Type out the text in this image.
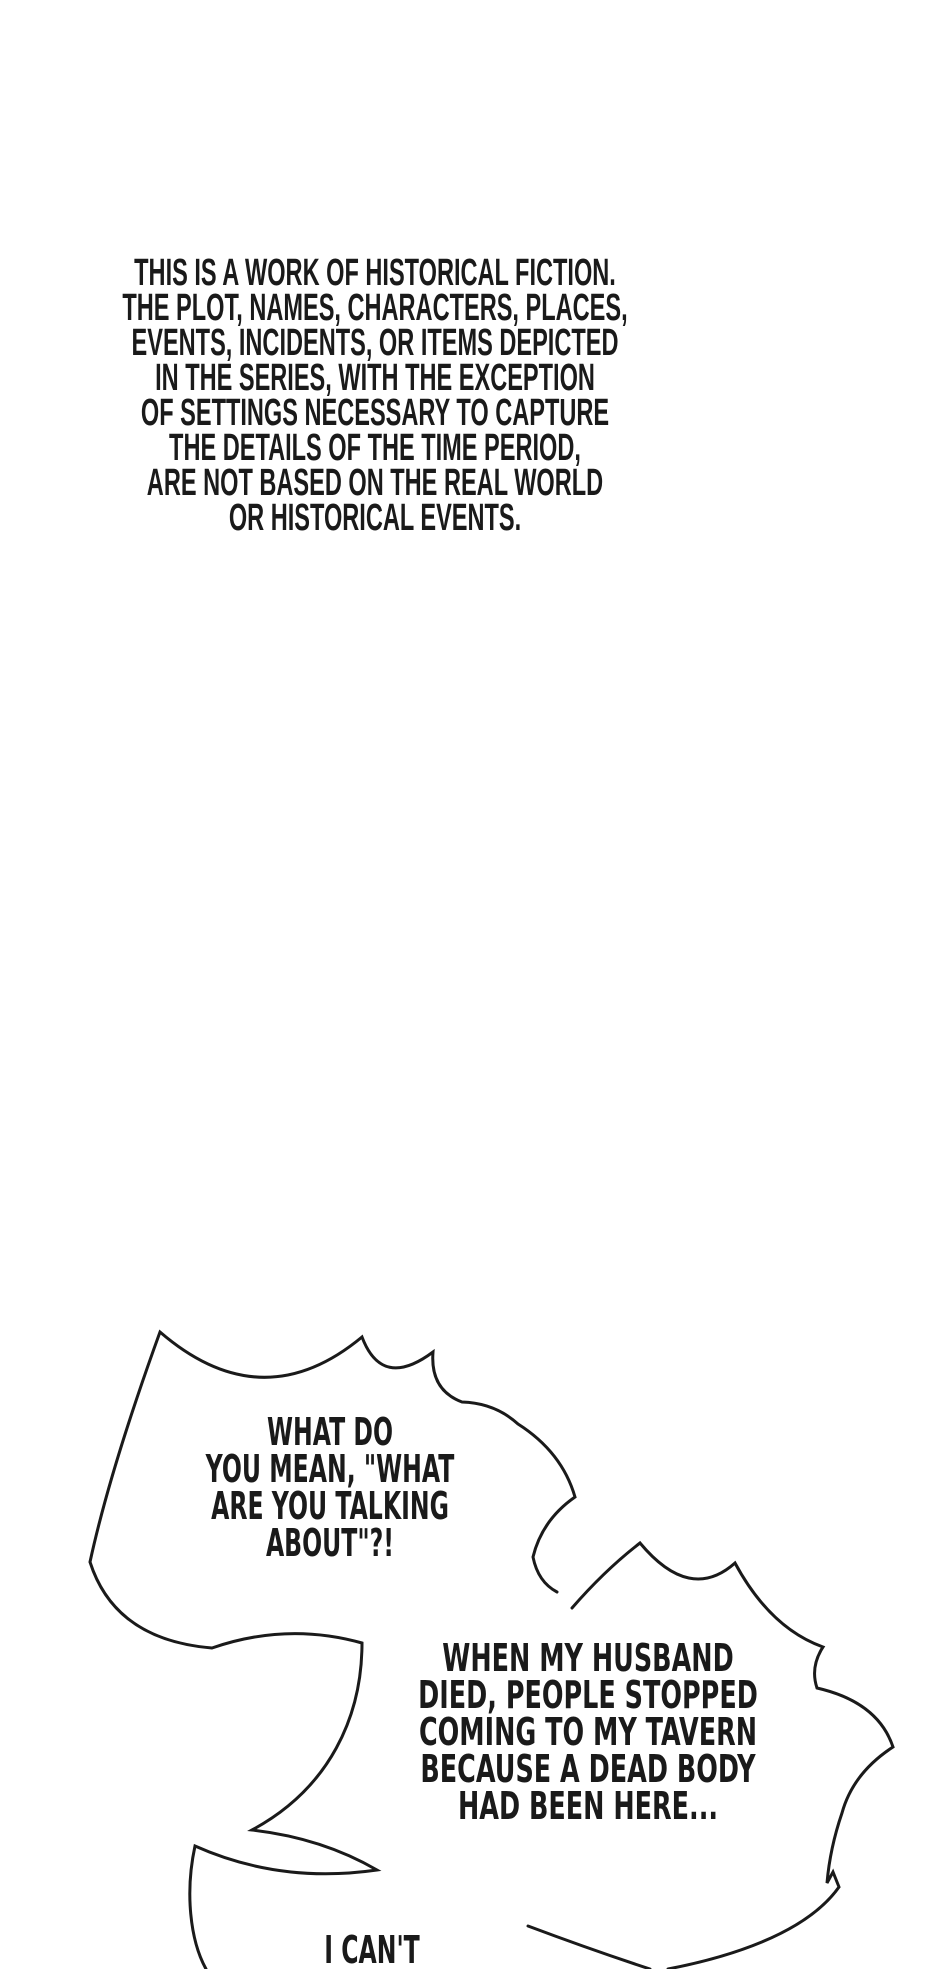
THIS IS A WORK OF HISTORICAL FICTION.
THE PLOT, NAMES, CHARACTERS, PLACES,
EVENTS, INCIDENTS, OR ITEMS DEPICTED
IN THE SERIES, WITH THE EXCEPTION
OF SETTINGS NECESSARY TO CAPTURE
THE DETAILS OF THE TIME PERIOD,
ARE NOT BASED ON THE REAL WORLD
OR HISTORICAL EVENTS.
WHAT DO
YOU MEAN, "WHAT
ARE YOU TALKING
ABOUT"?!
WHEN MY HUSBAND
DIED, PEOPLE STOPPED
COMING TO MY TAVERN
BECAUSE A DEAD BODY
HAD BEEN HERE...
I CAN'T
